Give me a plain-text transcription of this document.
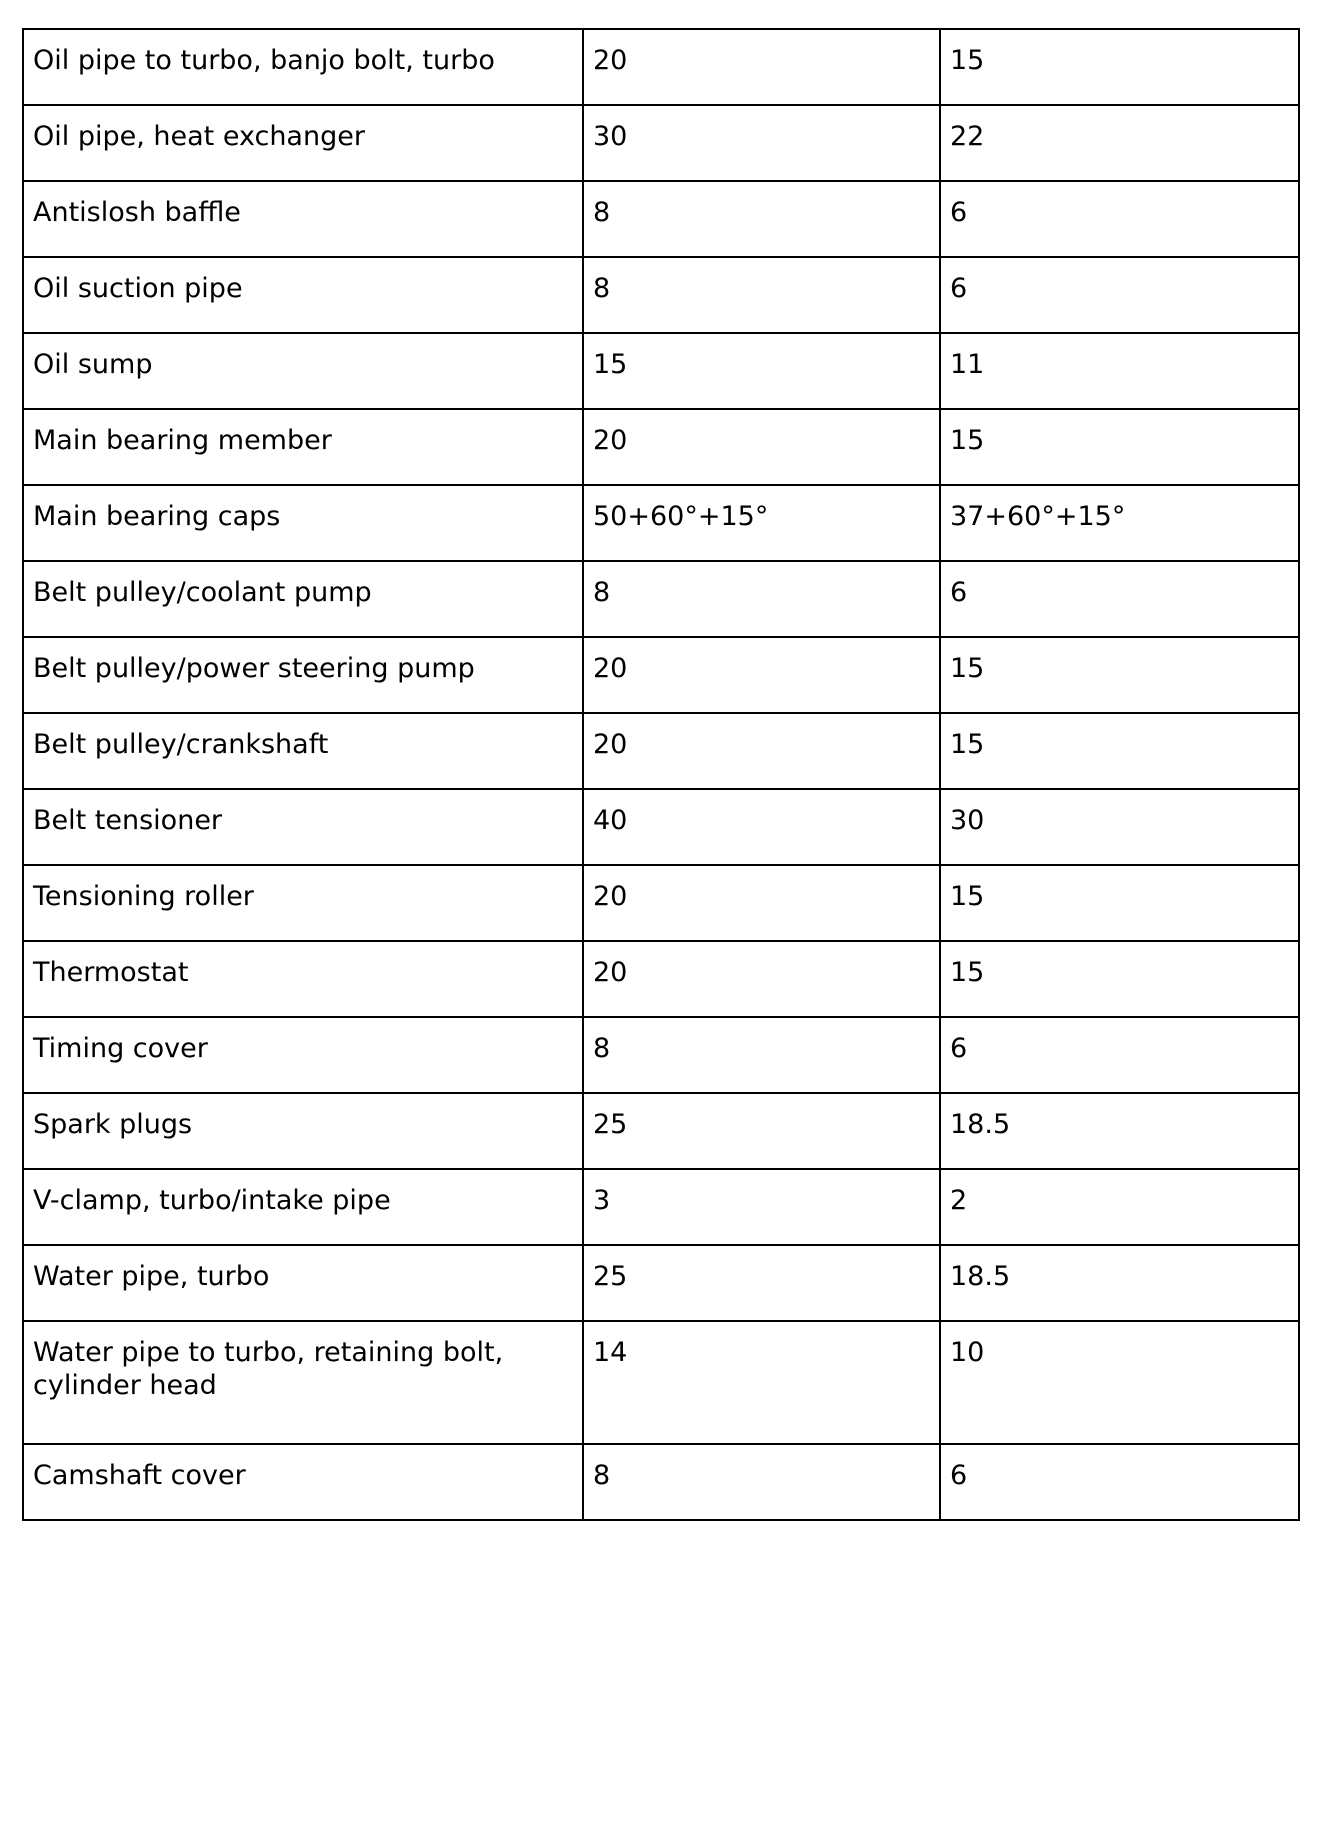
Oil pipe to turbo, banjo bolt, turbo	20	15
Oil pipe, heat exchanger	30	22
Antislosh baffle	8	6
Oil suction pipe	8	6
Oil sump	15	11
Main bearing member	20	15
Main bearing caps	50+60°+15°	37+60°+15°
Belt pulley/coolant pump	8	6
Belt pulley/power steering pump	20	15
Belt pulley/crankshaft	20	15
Belt tensioner	40	30
Tensioning roller	20	15
Thermostat	20	15
Timing cover	8	6
Spark plugs	25	18.5
V-clamp, turbo/intake pipe	3	2
Water pipe, turbo	25	18.5
Water pipe to turbo, retaining bolt, cylinder head	14	10
Camshaft cover	8	6
